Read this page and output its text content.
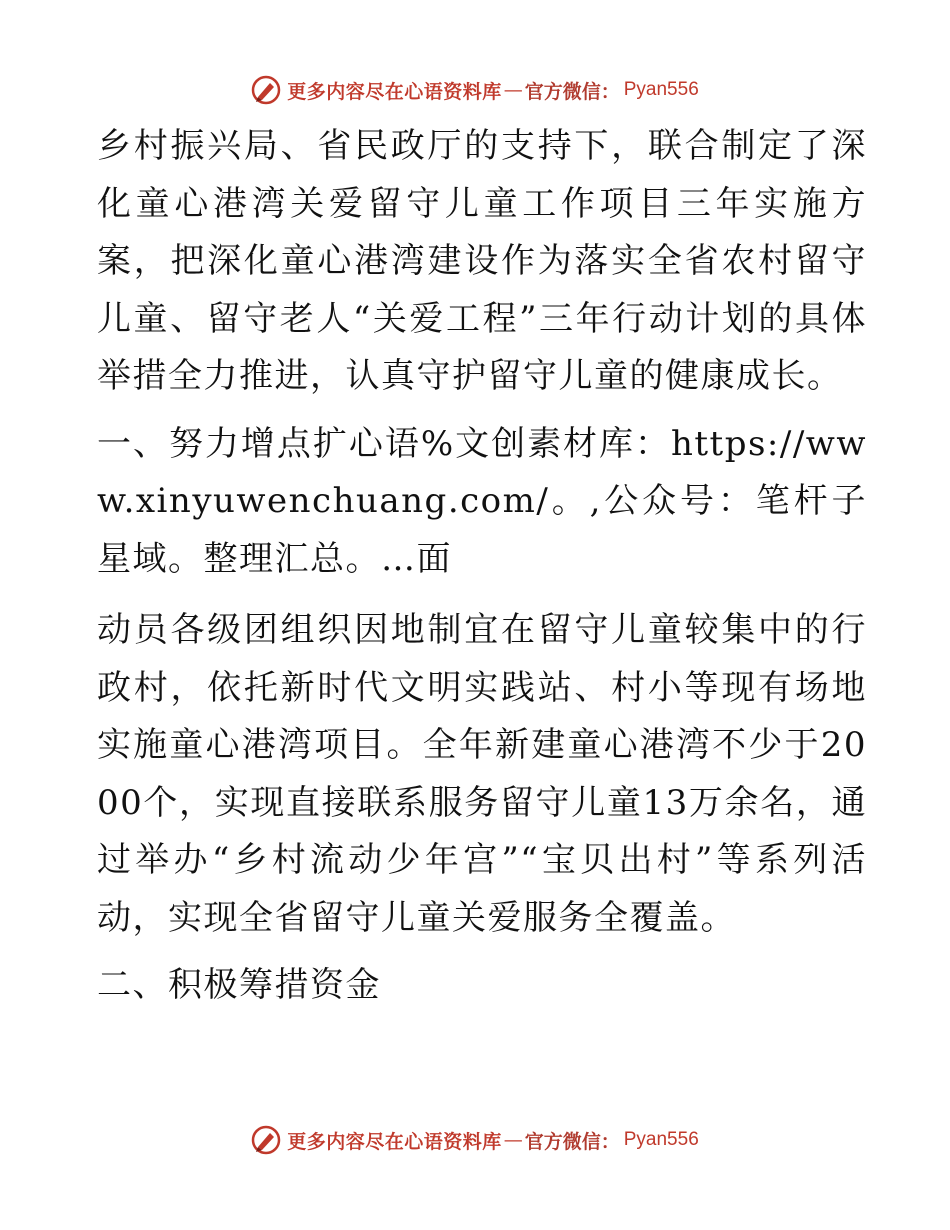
更多内容尽在心语资料库 — 官方微信： Pyan556

乡村振兴局、省民政厅的支持下，联合制定了深化童心港湾关爱留守儿童工作项目三年实施方案，把深化童心港湾建设作为落实全省农村留守儿童、留守老人“关爱工程”三年行动计划的具体举措全力推进，认真守护留守儿童的健康成长。

一、努力增点扩心语%文创素材库：https://www.xinyuwenchuang.com/。,公众号：笔杆子星域。整理汇总。…面

动员各级团组织因地制宜在留守儿童较集中的行政村，依托新时代文明实践站、村小等现有场地实施童心港湾项目。全年新建童心港湾不少于2000个，实现直接联系服务留守儿童13万余名，通过举办“乡村流动少年宫”“宝贝出村”等系列活动，实现全省留守儿童关爱服务全覆盖。

二、积极筹措资金

更多内容尽在心语资料库 — 官方微信： Pyan556
